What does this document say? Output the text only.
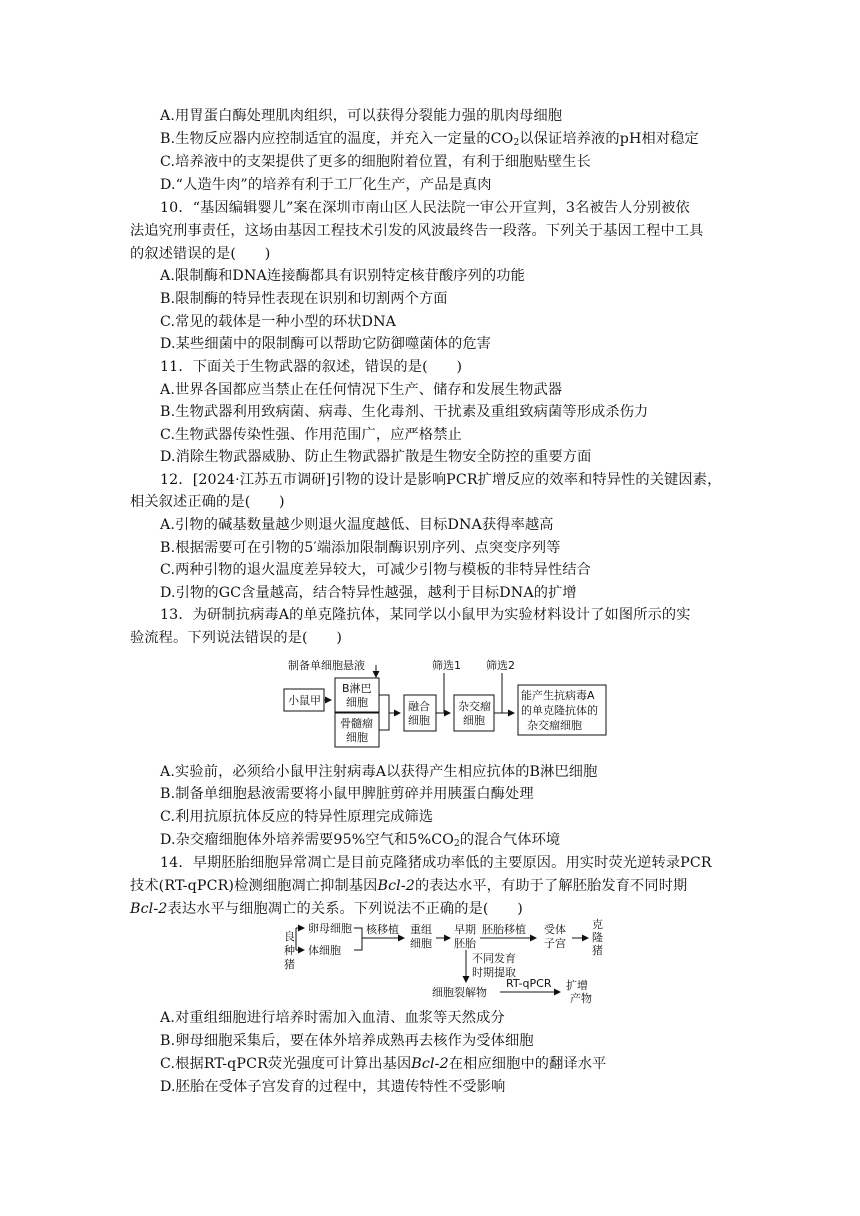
A.用胃蛋白酶处理肌肉组织，可以获得分裂能力强的肌肉母细胞
B.生物反应器内应控制适宜的温度，并充入一定量的$CO_2$以保证培养液的pH相对稳定
C.培养液中的支架提供了更多的细胞附着位置，有利于细胞贴壁生长
D.“人造牛肉”的培养有利于工厂化生产，产品是真肉
10．“基因编辑婴儿”案在深圳市南山区人民法院一审公开宣判，3名被告人分别被依
法追究刑事责任，这场由基因工程技术引发的风波最终告一段落。下列关于基因工程中工具
的叙述错误的是(　　)
A.限制酶和DNA连接酶都具有识别特定核苷酸序列的功能
B.限制酶的特异性表现在识别和切割两个方面
C.常见的载体是一种小型的环状DNA
D.某些细菌中的限制酶可以帮助它防御噬菌体的危害
11．下面关于生物武器的叙述，错误的是(　　)
A.世界各国都应当禁止在任何情况下生产、储存和发展生物武器
B.生物武器利用致病菌、病毒、生化毒剂、干扰素及重组致病菌等形成杀伤力
C.生物武器传染性强、作用范围广，应严格禁止
D.消除生物武器威胁、防止生物武器扩散是生物安全防控的重要方面
12．[2024·江苏五市调研]引物的设计是影响PCR扩增反应的效率和特异性的关键因素，
相关叙述正确的是(　　)
A.引物的碱基数量越少则退火温度越低、目标DNA获得率越高
B.根据需要可在引物的5′端添加限制酶识别序列、点突变序列等
C.两种引物的退火温度差异较大，可减少引物与模板的非特异性结合
D.引物的GC含量越高，结合特异性越强，越利于目标DNA的扩增
13．为研制抗病毒A的单克隆抗体，某同学以小鼠甲为实验材料设计了如图所示的实
验流程。下列说法错误的是(　　)
制备单细胞悬液
小鼠甲
B淋巴
细胞
骨髓瘤
细胞
融合
细胞
筛选1
杂交瘤
细胞
筛选2
能产生抗病毒A
的单克隆抗体的
杂交瘤细胞
A.实验前，必须给小鼠甲注射病毒A以获得产生相应抗体的B淋巴细胞
B.制备单细胞悬液需要将小鼠甲脾脏剪碎并用胰蛋白酶处理
C.利用抗原抗体反应的特异性原理完成筛选
D.杂交瘤细胞体外培养需要95%空气和$5\%CO_2$的混合气体环境
14．早期胚胎细胞异常凋亡是目前克隆猪成功率低的主要原因。用实时荧光逆转录PCR
技术(RT-qPCR)检测细胞凋亡抑制基因Bcl-2的表达水平，有助于了解胚胎发育不同时期
Bcl-2表达水平与细胞凋亡的关系。下列说法不正确的是(　　)
良
种
猪
卵母细胞
体细胞
核移植 重组
细胞
早期
胚胎
胚胎移植 受体
子宫
克
隆
猪
不同发育
时期提取
细胞裂解物
RT-qPCR 扩增
产物
A.对重组细胞进行培养时需加入血清、血浆等天然成分
B.卵母细胞采集后，要在体外培养成熟再去核作为受体细胞
C.根据RT-qPCR荧光强度可计算出基因Bcl-2在相应细胞中的翻译水平
D.胚胎在受体子宫发育的过程中，其遗传特性不受影响
